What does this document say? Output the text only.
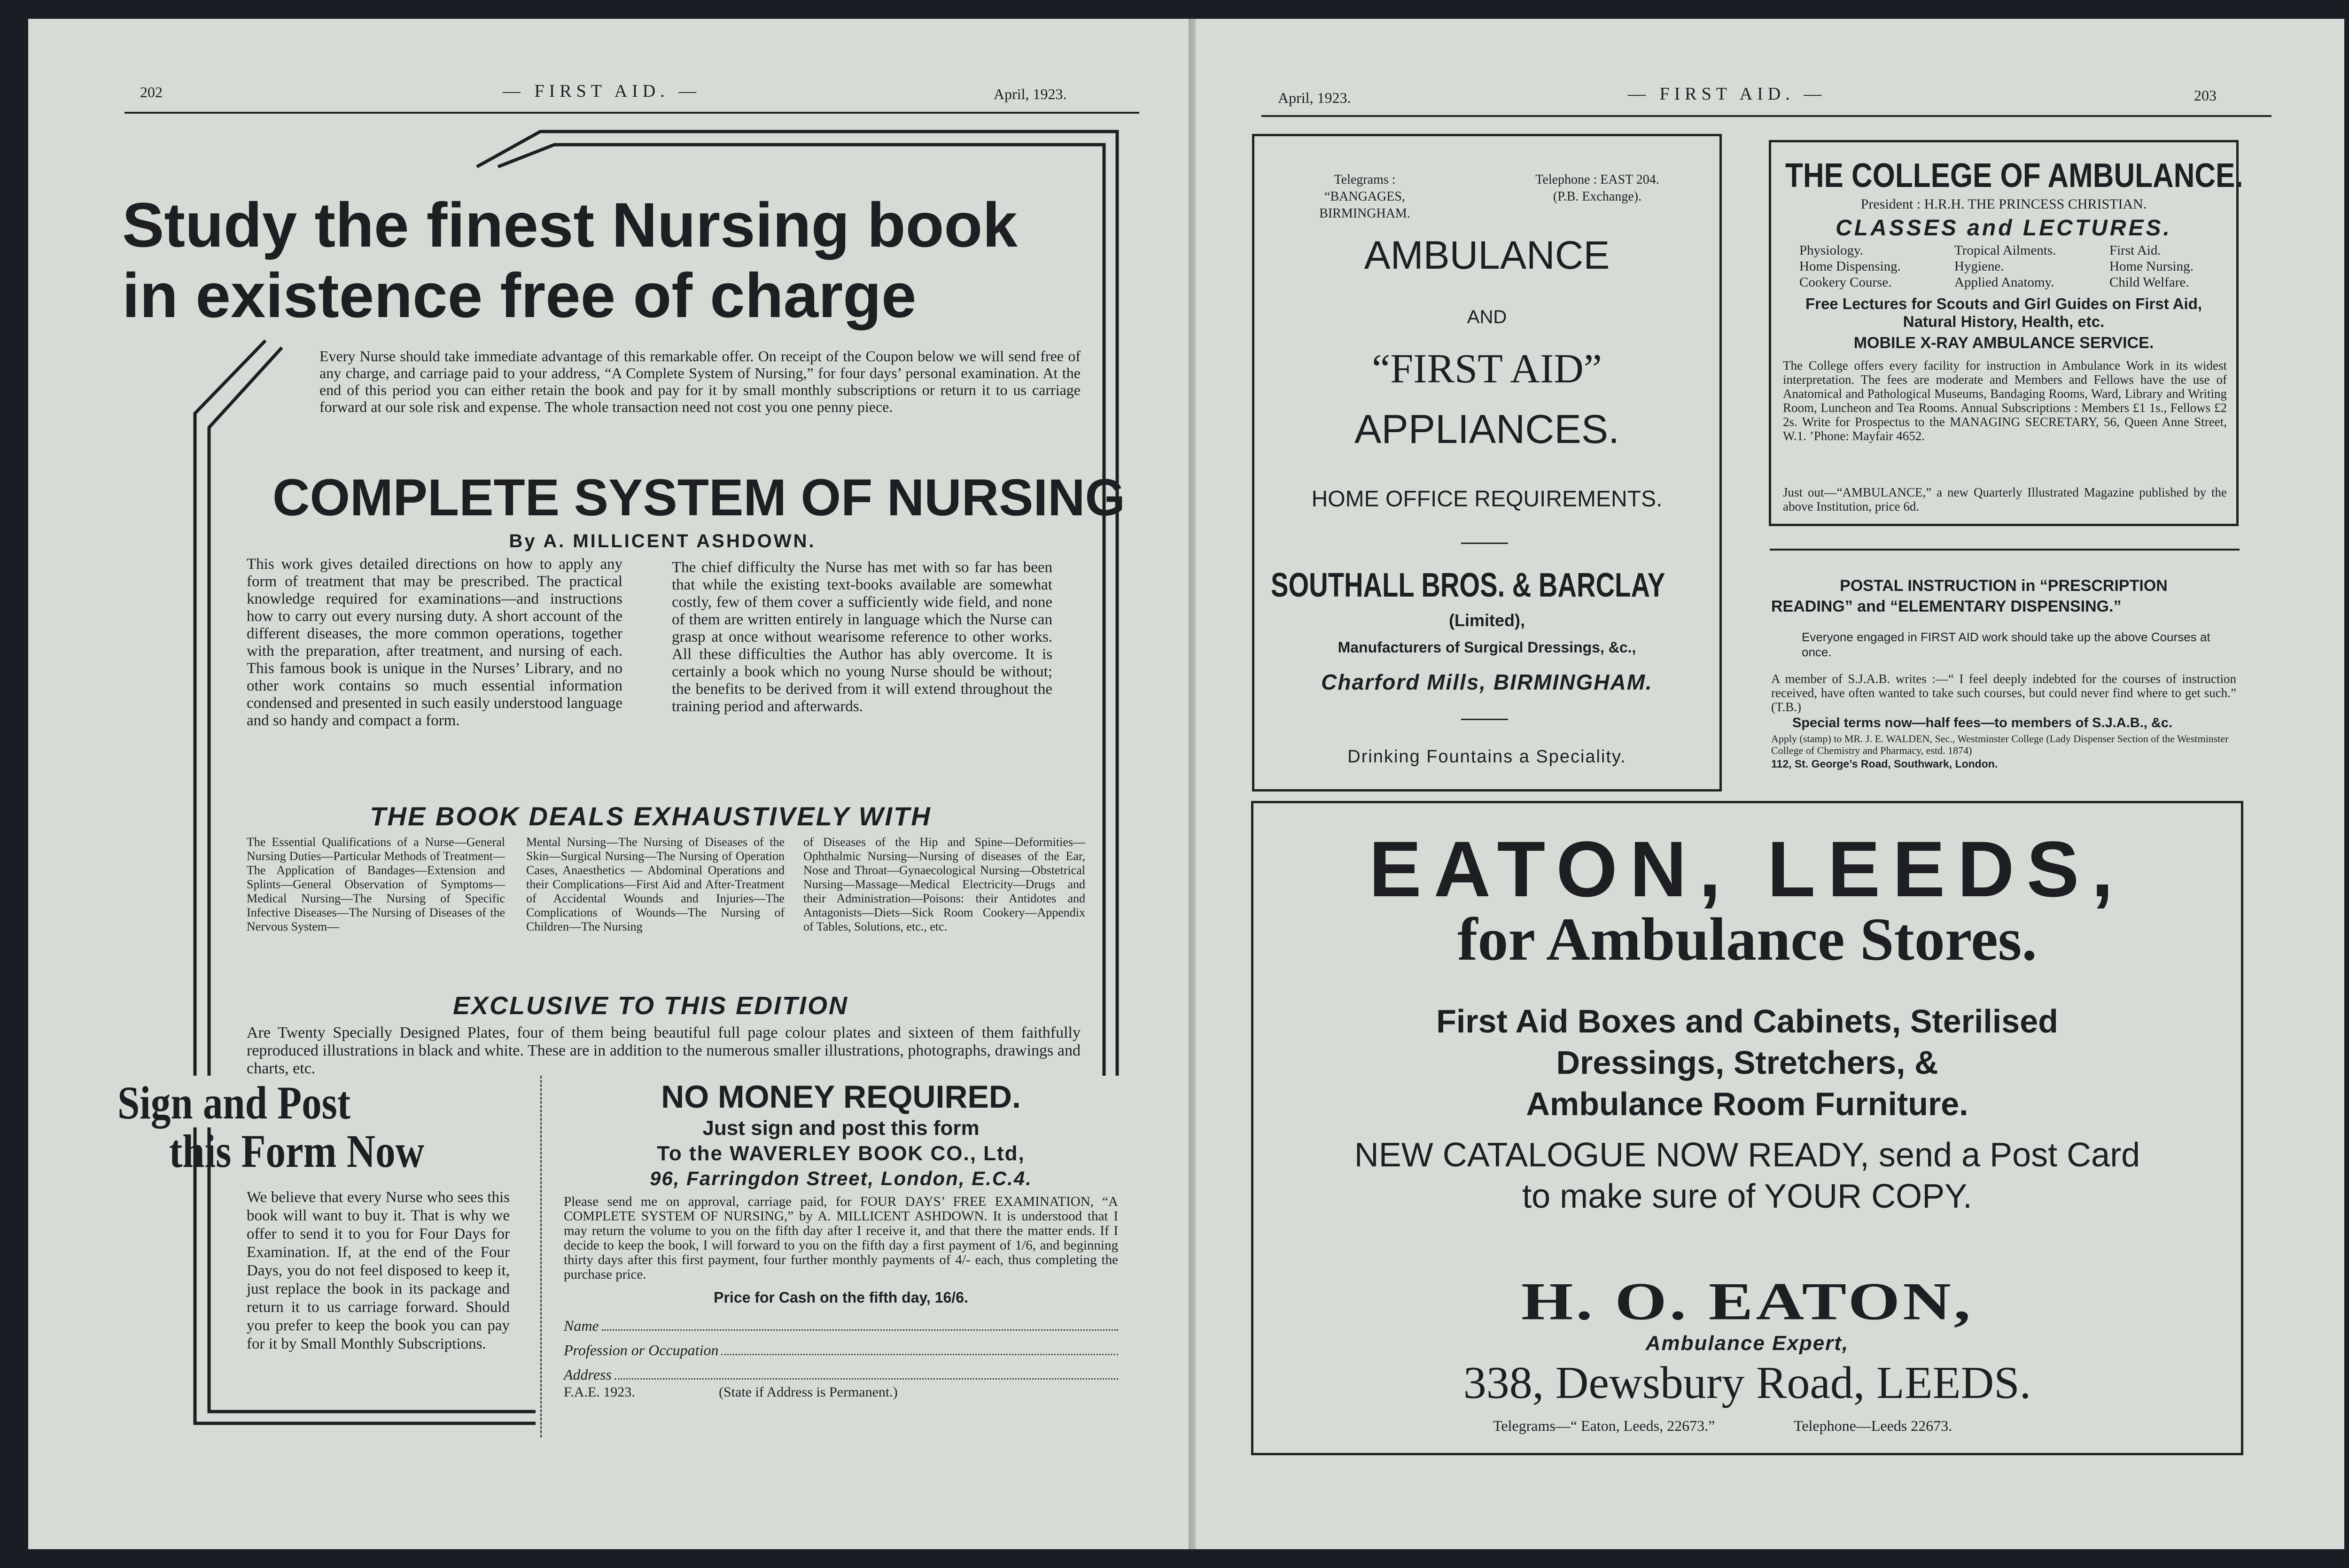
202	— FIRST AID. —	April, 1923.
Study the finest Nursing book
in existence free of charge
Every Nurse should take immediate advantage of this remarkable offer. On receipt of the Coupon below we will send free of any charge, and carriage paid to your address, “A Complete System of Nursing,” for four days’ personal examination. At the end of this period you can either retain the book and pay for it by small monthly subscriptions or return it to us carriage forward at our sole risk and expense. The whole transaction need not cost you one penny piece.
COMPLETE SYSTEM OF NURSING
By A. MILLICENT ASHDOWN.
This work gives detailed directions on how to apply any form of treatment that may be prescribed. The practical knowledge required for examinations—and instructions how to carry out every nursing duty. A short account of the different diseases, the more common operations, together with the preparation, after treatment, and nursing of each. This famous book is unique in the Nurses’ Library, and no other work contains so much essential information condensed and presented in such easily understood language and so handy and compact a form.
The chief difficulty the Nurse has met with so far has been that while the existing text-books available are somewhat costly, few of them cover a sufficiently wide field, and none of them are written entirely in language which the Nurse can grasp at once without wearisome reference to other works. All these difficulties the Author has ably overcome. It is certainly a book which no young Nurse should be without; the benefits to be derived from it will extend throughout the training period and afterwards.
THE BOOK DEALS EXHAUSTIVELY WITH
The Essential Qualifications of a Nurse—General Nursing Duties—Particular Methods of Treatment—The Application of Bandages—Extension and Splints—General Observation of Symptoms—Medical Nursing—The Nursing of Specific Infective Diseases—The Nursing of Diseases of the Nervous System—
Mental Nursing—The Nursing of Diseases of the Skin—Surgical Nursing—The Nursing of Operation Cases, Anaesthetics — Abdominal Operations and their Complications—First Aid and After-Treatment of Accidental Wounds and Injuries—The Complications of Wounds—The Nursing of Children—The Nursing
of Diseases of the Hip and Spine—Deformities—Ophthalmic Nursing—Nursing of diseases of the Ear, Nose and Throat—Gynaecological Nursing—Obstetrical Nursing—Massage—Medical Electricity—Drugs and their Administration—Poisons: their Antidotes and Antagonists—Diets—Sick Room Cookery—Appendix of Tables, Solutions, etc., etc.
EXCLUSIVE TO THIS EDITION
Are Twenty Specially Designed Plates, four of them being beautiful full page colour plates and sixteen of them faithfully reproduced illustrations in black and white. These are in addition to the numerous smaller illustrations, photographs, drawings and charts, etc.
Sign and Post
this Form Now
We believe that every Nurse who sees this book will want to buy it. That is why we offer to send it to you for Four Days for Examination. If, at the end of the Four Days, you do not feel disposed to keep it, just replace the book in its package and return it to us carriage forward. Should you prefer to keep the book you can pay for it by Small Monthly Subscriptions.
NO MONEY REQUIRED.
Just sign and post this form
To the WAVERLEY BOOK CO., Ltd,
96, Farringdon Street, London, E.C.4.
Please send me on approval, carriage paid, for FOUR DAYS’ FREE EXAMINATION, “A COMPLETE SYSTEM OF NURSING,” by A. MILLICENT ASHDOWN. It is understood that I may return the volume to you on the fifth day after I receive it, and that there the matter ends. If I decide to keep the book, I will forward to you on the fifth day a first payment of 1/6, and beginning thirty days after this first payment, four further monthly payments of 4/- each, thus completing the purchase price.
Price for Cash on the fifth day, 16/6.
Name
Profession or Occupation
Address
F.A.E. 1923.	(State if Address is Permanent.)
April, 1923.	— FIRST AID. —	203
Telegrams :
“BANGAGES, BIRMINGHAM.
Telephone : EAST 204.
(P.B. Exchange).
AMBULANCE
AND
“FIRST AID”
APPLIANCES.
HOME OFFICE REQUIREMENTS.
SOUTHALL BROS. & BARCLAY
(Limited),
Manufacturers of Surgical Dressings, &c.,
Charford Mills, BIRMINGHAM.
Drinking Fountains a Speciality.
THE COLLEGE OF AMBULANCE.
President : H.R.H. THE PRINCESS CHRISTIAN.
CLASSES and LECTURES.
Physiology.	Tropical Ailments.	First Aid.
Home Dispensing.	Hygiene.	Home Nursing.
Cookery Course.	Applied Anatomy.	Child Welfare.
Free Lectures for Scouts and Girl Guides on First Aid, Natural History, Health, etc.
MOBILE X-RAY AMBULANCE SERVICE.
The College offers every facility for instruction in Ambulance Work in its widest interpretation. The fees are moderate and Members and Fellows have the use of Anatomical and Pathological Museums, Bandaging Rooms, Ward, Library and Writing Room, Luncheon and Tea Rooms. Annual Subscriptions : Members £1 1s., Fellows £2 2s. Write for Prospectus to the MANAGING SECRETARY, 56, Queen Anne Street, W.1. ’Phone: Mayfair 4652.
Just out—“AMBULANCE,” a new Quarterly Illustrated Magazine published by the above Institution, price 6d.
POSTAL INSTRUCTION in “PRESCRIPTION
READING” and “ELEMENTARY DISPENSING.”
Everyone engaged in FIRST AID work should take up the above Courses at once.
A member of S.J.A.B. writes :—“ I feel deeply indebted for the courses of instruction received, have often wanted to take such courses, but could never find where to get such.” (T.B.)
Special terms now—half fees—to members of S.J.A.B., &c.
Apply (stamp) to MR. J. E. WALDEN, Sec., Westminster College (Lady Dispenser Section of the Westminster College of Chemistry and Pharmacy, estd. 1874)
112, St. George’s Road, Southwark, London.
EATON, LEEDS,
for Ambulance Stores.
First Aid Boxes and Cabinets, Sterilised
Dressings, Stretchers, &
Ambulance Room Furniture.
NEW CATALOGUE NOW READY, send a Post Card
to make sure of YOUR COPY.
H. O. EATON,
Ambulance Expert,
338, Dewsbury Road, LEEDS.
Telegrams—“ Eaton, Leeds, 22673.”	Telephone—Leeds 22673.
